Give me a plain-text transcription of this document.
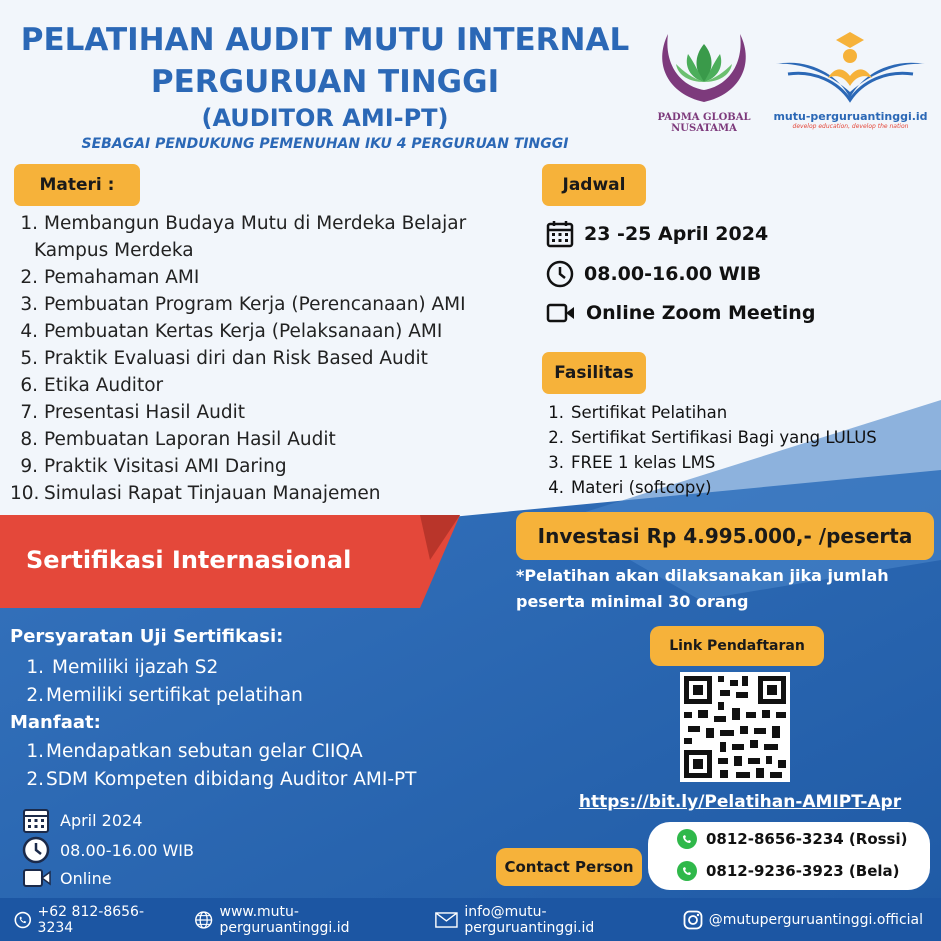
PELATIHAN AUDIT MUTU INTERNAL
PERGURUAN TINGGI
(AUDITOR AMI-PT)
SEBAGAI PENDUKUNG PEMENUHAN IKU 4 PERGURUAN TINGGI
PADMA GLOBAL
NUSATAMA
mutu-perguruantinggi.id
develop education, develop the nation
Materi :
1. Membangun Budaya Mutu di Merdeka Belajar
Kampus Merdeka
2. Pemahaman AMI
3. Pembuatan Program Kerja (Perencanaan) AMI
4. Pembuatan Kertas Kerja (Pelaksanaan) AMI
5. Praktik Evaluasi diri dan Risk Based Audit
6. Etika Auditor
7. Presentasi Hasil Audit
8. Pembuatan Laporan Hasil Audit
9. Praktik Visitasi AMI Daring
10. Simulasi Rapat Tinjauan Manajemen
Jadwal
23 -25 April 2024
08.00-16.00 WIB
Online Zoom Meeting
Fasilitas
1. Sertifikat Pelatihan
2. Sertifikat Sertifikasi Bagi yang LULUS
3. FREE 1 kelas LMS
4. Materi (softcopy)
Investasi Rp 4.995.000,- /peserta
*Pelatihan akan dilaksanakan jika jumlah
peserta minimal 30 orang
Sertifikasi Internasional
Persyaratan Uji Sertifikasi:
1. Memiliki ijazah S2
2. Memiliki sertifikat pelatihan
Manfaat:
1. Mendapatkan sebutan gelar CIIQA
2. SDM Kompeten dibidang Auditor AMI-PT
April 2024
08.00-16.00 WIB
Online
Link Pendaftaran
https://bit.ly/Pelatihan-AMIPT-Apr
Contact Person
0812-8656-3234 (Rossi)
0812-9236-3923 (Bela)
+62 812-8656-3234
www.mutu-perguruantinggi.id
info@mutu-perguruantinggi.id	@mutuperguruantinggi.official
